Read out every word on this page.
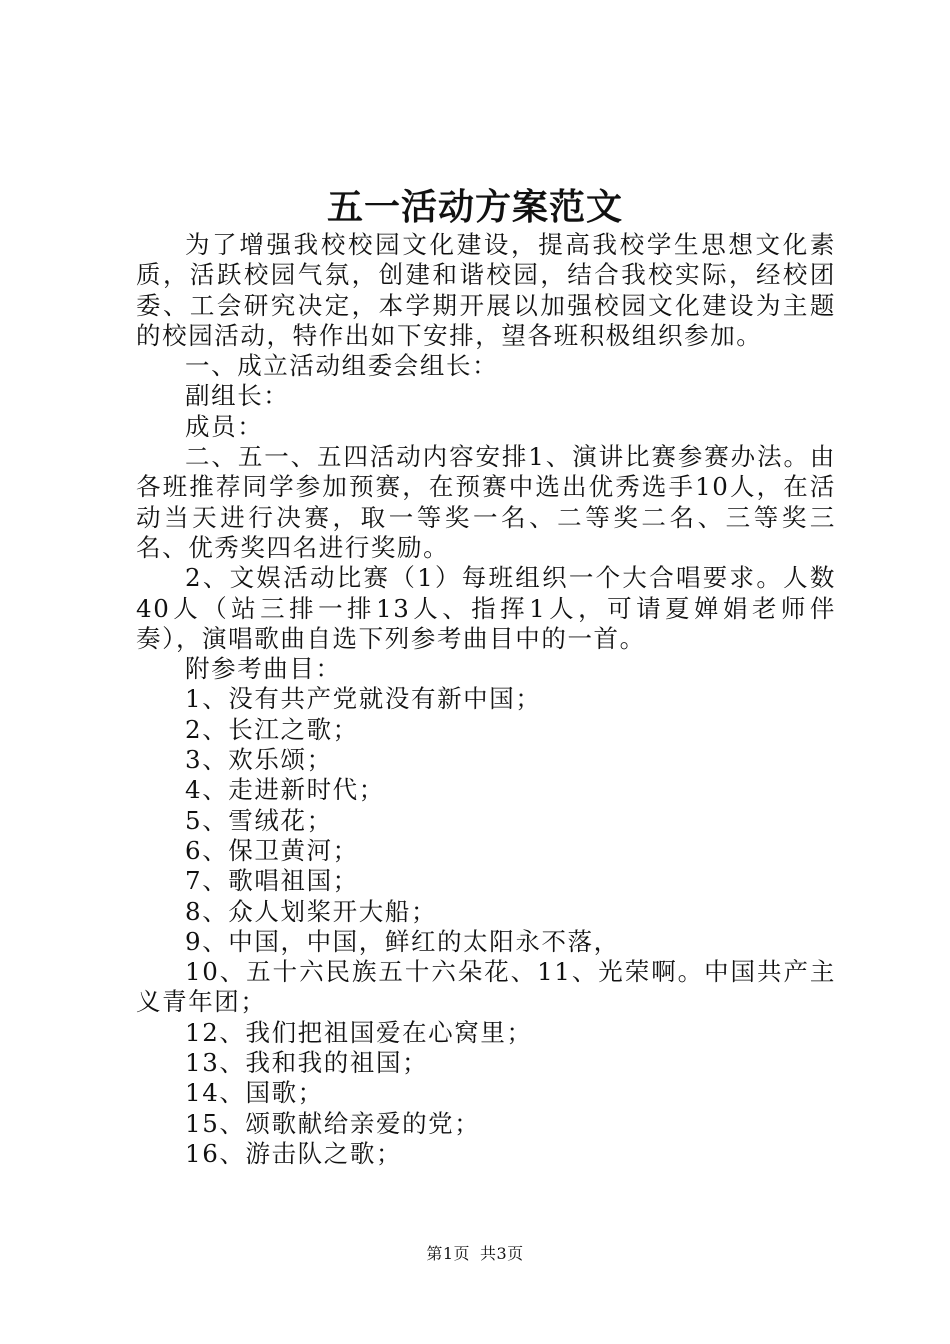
五一活动方案范文

为了增强我校校园文化建设，提高我校学生思想文化素质，活跃校园气氛，创建和谐校园，结合我校实际，经校团委、工会研究决定，本学期开展以加强校园文化建设为主题的校园活动，特作出如下安排，望各班积极组织参加。

一、成立活动组委会组长：

副组长：

成员：

二、五一、五四活动内容安排1、演讲比赛参赛办法。由各班推荐同学参加预赛，在预赛中选出优秀选手10人，在活动当天进行决赛，取一等奖一名、二等奖二名、三等奖三名、优秀奖四名进行奖励。

2、文娱活动比赛（1）每班组织一个大合唱要求。人数40人（站三排一排13人、指挥1人，可请夏婵娟老师伴奏），演唱歌曲自选下列参考曲目中的一首。

附参考曲目：

1、没有共产党就没有新中国；

2、长江之歌；

3、欢乐颂；

4、走进新时代；

5、雪绒花；

6、保卫黄河；

7、歌唱祖国；

8、众人划桨开大船；

9、中国，中国，鲜红的太阳永不落，

10、五十六民族五十六朵花、11、光荣啊。中国共产主义青年团；

12、我们把祖国爱在心窝里；

13、我和我的祖国；

14、国歌；

15、颂歌献给亲爱的党；

16、游击队之歌；

第1页 共3页
